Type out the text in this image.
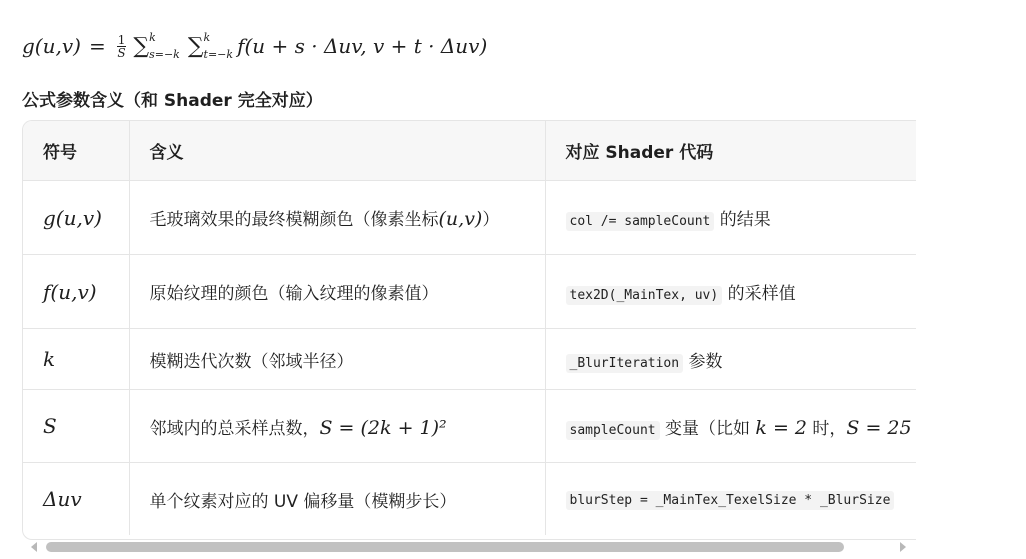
$g(u,v) = \frac{1}{S}$ ∑ k
s=−k ∑ k
t=−k f(u + s · Δuv, v + t · Δuv)
公式参数含义（和 Shader 完全对应）
符号	含义	对应 Shader 代码
g(u,v)	毛玻璃效果的最终模糊颜色（像素坐标(u,v)）	col /= sampleCount 的结果
f(u,v)	原始纹理的颜色（输入纹理的像素值）	tex2D(_MainTex, uv) 的采样值
k	模糊迭代次数（邻域半径）	_BlurIteration 参数
S	邻域内的总采样点数，S = (2k + 1)²	sampleCount 变量（比如 k = 2 时，S = 25
Δuv	单个纹素对应的 UV 偏移量（模糊步长）	blurStep = _MainTex_TexelSize * _BlurSize
